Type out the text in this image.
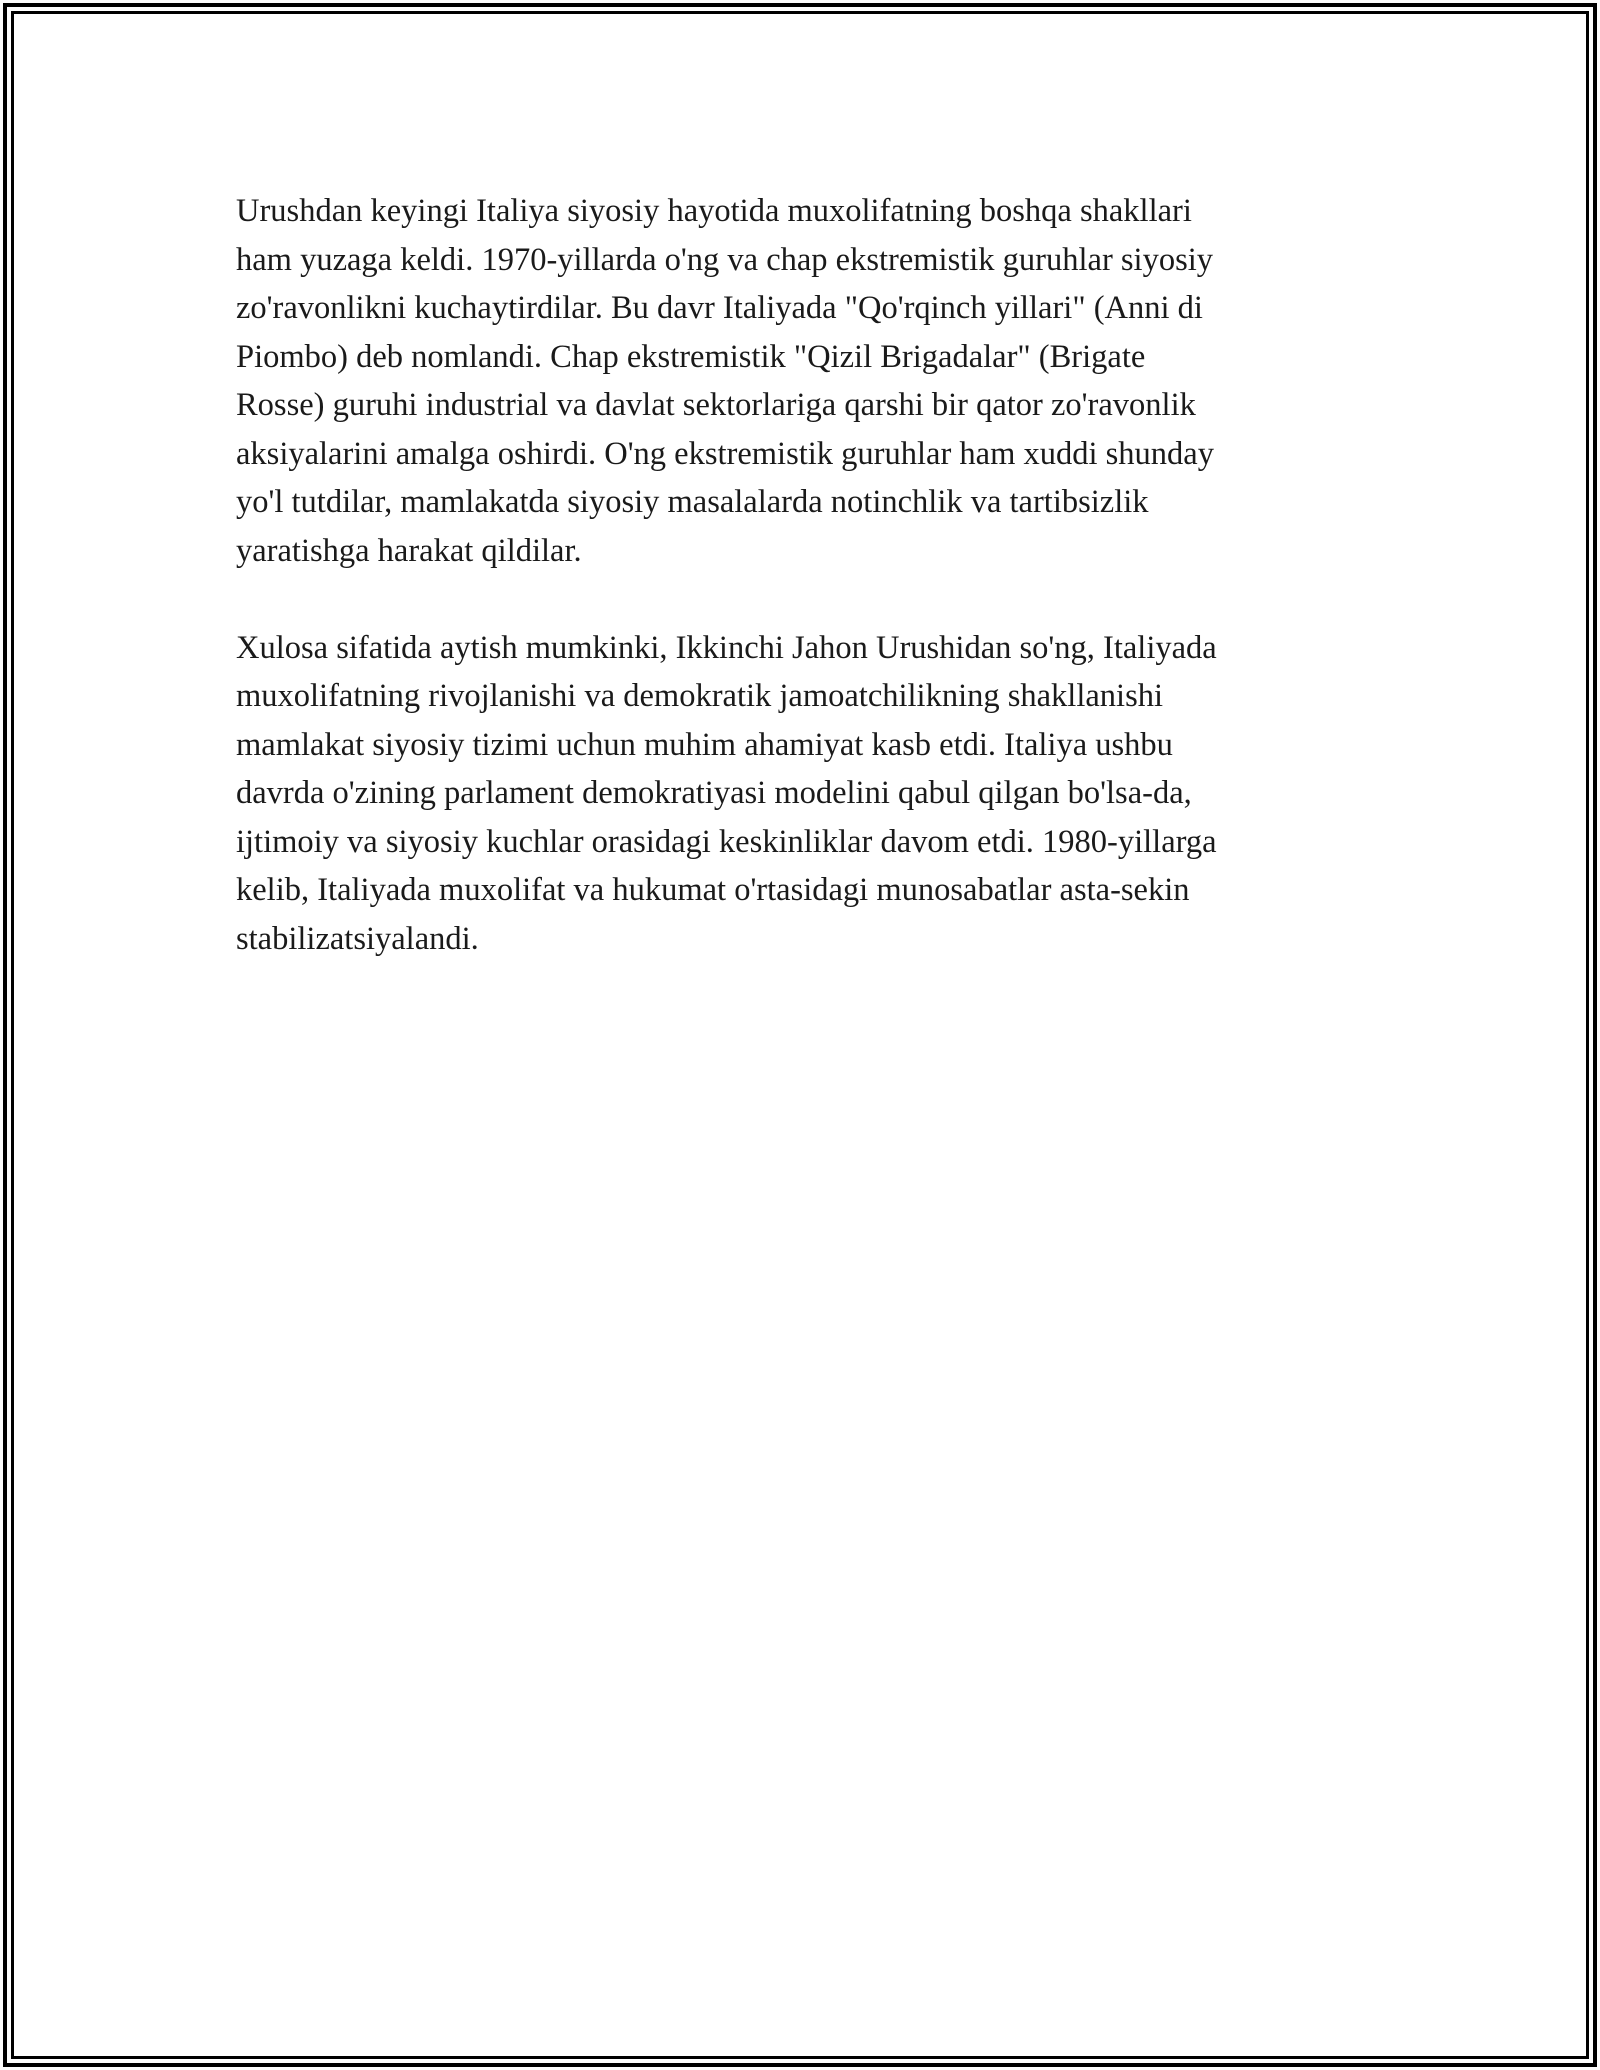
Urushdan keyingi Italiya siyosiy hayotida muxolifatning boshqa shakllari
ham yuzaga keldi. 1970-yillarda o'ng va chap ekstremistik guruhlar siyosiy
zo'ravonlikni kuchaytirdilar. Bu davr Italiyada "Qo'rqinch yillari" (Anni di
Piombo) deb nomlandi. Chap ekstremistik "Qizil Brigadalar" (Brigate
Rosse) guruhi industrial va davlat sektorlariga qarshi bir qator zo'ravonlik
aksiyalarini amalga oshirdi. O'ng ekstremistik guruhlar ham xuddi shunday
yo'l tutdilar, mamlakatda siyosiy masalalarda notinchlik va tartibsizlik
yaratishga harakat qildilar.

Xulosa sifatida aytish mumkinki, Ikkinchi Jahon Urushidan so'ng, Italiyada
muxolifatning rivojlanishi va demokratik jamoatchilikning shakllanishi
mamlakat siyosiy tizimi uchun muhim ahamiyat kasb etdi. Italiya ushbu
davrda o'zining parlament demokratiyasi modelini qabul qilgan bo'lsa-da,
ijtimoiy va siyosiy kuchlar orasidagi keskinliklar davom etdi. 1980-yillarga
kelib, Italiyada muxolifat va hukumat o'rtasidagi munosabatlar asta-sekin
stabilizatsiyalandi.
